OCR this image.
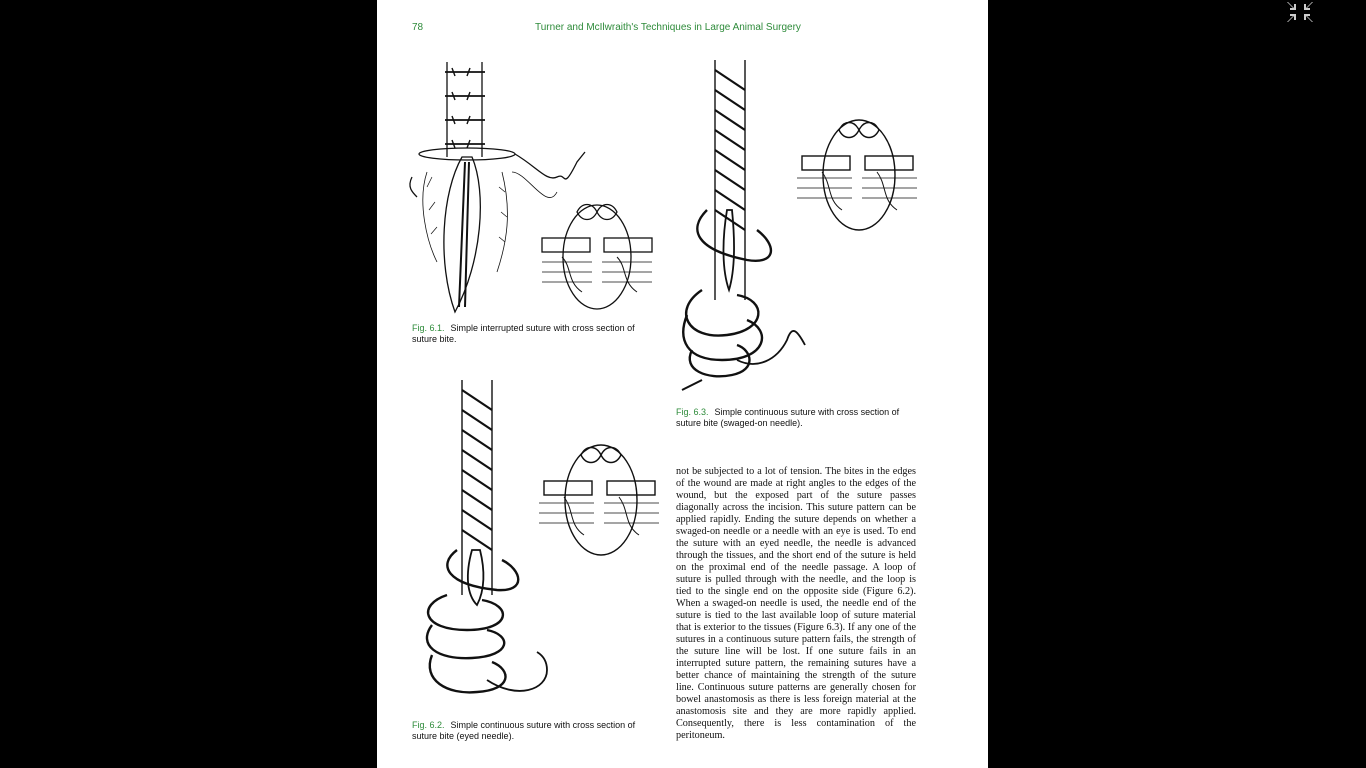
78	Turner and McIlwraith's Techniques in Large Animal Surgery
Fig. 6.1. Simple interrupted suture with cross section of suture bite.
Fig. 6.3. Simple continuous suture with cross section of suture bite (swaged-on needle).
Fig. 6.2. Simple continuous suture with cross section of suture bite (eyed needle).

not be subjected to a lot of tension. The bites in the edges of the wound are made at right angles to the edges of the wound, but the exposed part of the suture passes diagonally across the incision. This suture pattern can be applied rapidly. Ending the suture depends on whether a swaged-on needle or a needle with an eye is used. To end the suture with an eyed needle, the needle is advanced through the tissues, and the short end of the suture is held on the proximal end of the needle passage. A loop of suture is pulled through with the needle, and the loop is tied to the single end on the opposite side (Figure 6.2). When a swaged-on needle is used, the needle end of the suture is tied to the last available loop of suture material that is exterior to the tissues (Figure 6.3). If any one of the sutures in a continuous suture pattern fails, the strength of the suture line will be lost. If one suture fails in an interrupted suture pattern, the remaining sutures have a better chance of maintaining the strength of the suture line. Continuous suture patterns are generally chosen for bowel anastomosis as there is less foreign material at the anastomosis site and they are more rapidly applied. Consequently, there is less contamination of the peritoneum.
